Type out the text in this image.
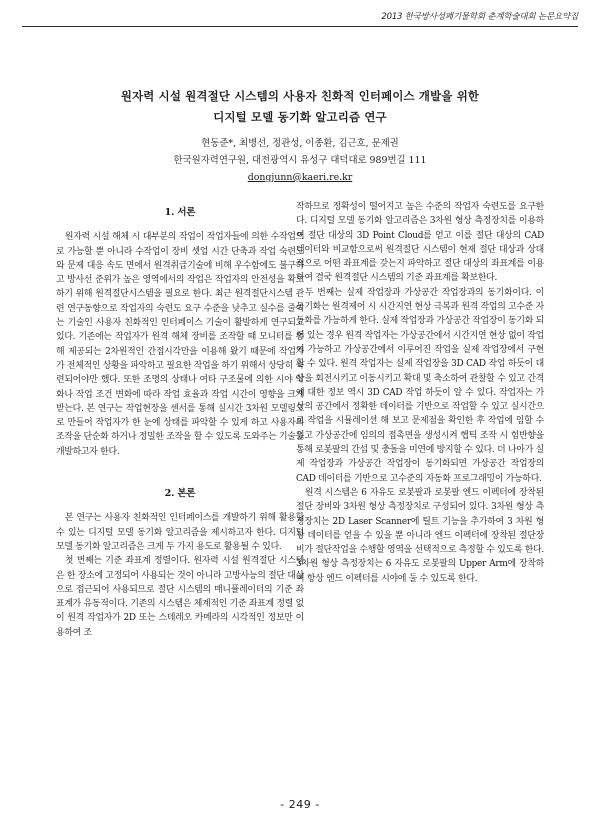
2013 한국방사성폐기물학회 춘계학술대회 논문요약집
원자력 시설 원격절단 시스템의 사용자 친화적 인터페이스 개발을 위한
디지털 모델 동기화 알고리즘 연구
현동준*, 최병선, 정관성, 이종환, 김근호, 문제권
한국원자력연구원, 대전광역시 유성구 대덕대로 989번길 111
dongjunn@kaeri.re.kr
1. 서론

원자력 시설 해체 시 대부분의 작업이 작업자들에 의한 수작업으로 가능할 뿐 아니라 수작업이 장비 셋업 시간 단축과 작업 숙련도와 문제 대응 속도 면에서 원격취급기술에 비해 우수함에도 불구하고 방사선 준위가 높은 영역에서의 작업은 작업자의 안전성을 확보하기 위해 원격절단시스템을 필요로 한다. 최근 원격절단시스템 관련 연구동향으로 작업자의 숙련도 요구 수준을 낮추고 실수를 줄이는 기술인 사용자 친화적인 인터페이스 기술이 활발하게 연구되고 있다. 기존에는 작업자가 원격 해체 장비를 조작할 때 모니터를 통해 제공되는 2차원적인 간접시각만을 이용해 왔기 때문에 작업자가 전체적인 상황을 파악하고 필요한 작업을 하기 위해서 상당히 숙련되어야만 했다. 또한 조명의 상태나 여타 구조물에 의한 시야 악화나 작업 조건 변화에 따라 작업 효율과 작업 시간이 영향을 크게 받는다. 본 연구는 작업현장을 센서를 통해 실시간 3차원 모델링으로 만들어 작업자가 한 눈에 상태를 파악할 수 있게 하고 사용자의 조작을 단순화 하거나 정밀한 조작을 할 수 있도록 도와주는 기술을 개발하고자 한다.

2. 본론

본 연구는 사용자 친화적인 인터페이스를 개발하기 위해 활용할 수 있는 디지털 모델 동기화 알고리즘을 제시하고자 한다. 디지털 모델 동기화 알고리즘은 크게 두 가지 용도로 활용될 수 있다.

첫 번째는 기준 좌표계 정렬이다. 원자력 시설 원격절단 시스템은 한 장소에 고정되어 사용되는 것이 아니라 고방사능의 절단 대상으로 접근되어 사용되므로 절단 시스템의 매니퓰레이터의 기준 좌표계가 유동적이다. 기존의 시스템은 체계적인 기준 좌표계 정렬 없이 원격 작업자가 2D 또는 스테레오 카메라의 시각적인 정보만 이용하여 조

작하므로 정확성이 떨어지고 높은 수준의 작업자 숙련도를 요구한다. 디지털 모델 동기화 알고리즘은 3차원 형상 측정장치를 이용하여 절단 대상의 3D Point Cloud를 얻고 이를 절단 대상의 CAD 데이터와 비교함으로써 원격절단 시스템이 현재 절단 대상과 상대적으로 어떤 좌표계를 갖는지 파악하고 절단 대상의 좌표계를 이용하여 결국 원격절단 시스템의 기준 좌표계를 확보한다.

두 번째는 실제 작업장과 가상공간 작업장과의 동기화이다. 이 동기화는 원격제어 시 시간지연 현상 극복과 원격 작업의 고수준 자동화를 가능하게 한다. 실제 작업장과 가상공간 작업장이 동기화 되어 있는 경우 원격 작업자는 가상공간에서 시간지연 현상 없이 작업이 가능하고 가상공간에서 이루어진 작업을 실제 작업장에서 구현할 수 있다. 원격 작업자는 실제 작업장을 3D CAD 작업 하듯이 대상을 회전시키고 이동시키고 확대 및 축소하여 관찰할 수 있고 간격에 대한 정보 역시 3D CAD 작업 하듯이 알 수 있다. 작업자는 가상의 공간에서 정확한 데이터를 기반으로 작업할 수 있고 실시간으로 작업을 시뮬레이션 해 보고 문제점을 확인한 후 작업에 임할 수 있고 가상공간에 임의의 접촉면을 생성시켜 햅틱 조작 시 힘반향을 통해 로봇팔의 간섭 및 충돌을 미연에 방지할 수 있다. 더 나아가 실제 작업장과 가상공간 작업장이 동기화되면 가상공간 작업장의 CAD 데이터를 기반으로 고수준의 자동화 프로그래밍이 가능하다.

원격 시스템은 6 자유도 로봇팔과 로봇팔 엔드 이펙터에 장착된 절단 장비와 3차원 형상 측정장치로 구성되어 있다. 3차원 형상 측정장치는 2D Laser Scanner에 틸트 기능을 추가하여 3 차원 형상 데이터를 얻을 수 있을 뿐 아니라 엔드 이펙터에 장착된 절단장비가 절단작업을 수행할 영역을 선택적으로 측정할 수 있도록 한다. 3차원 형상 측정장치는 6 자유도 로봇팔의 Upper Arm에 장착하여 항상 엔드 이펙터를 시야에 둘 수 있도록 한다.

- 249 -
